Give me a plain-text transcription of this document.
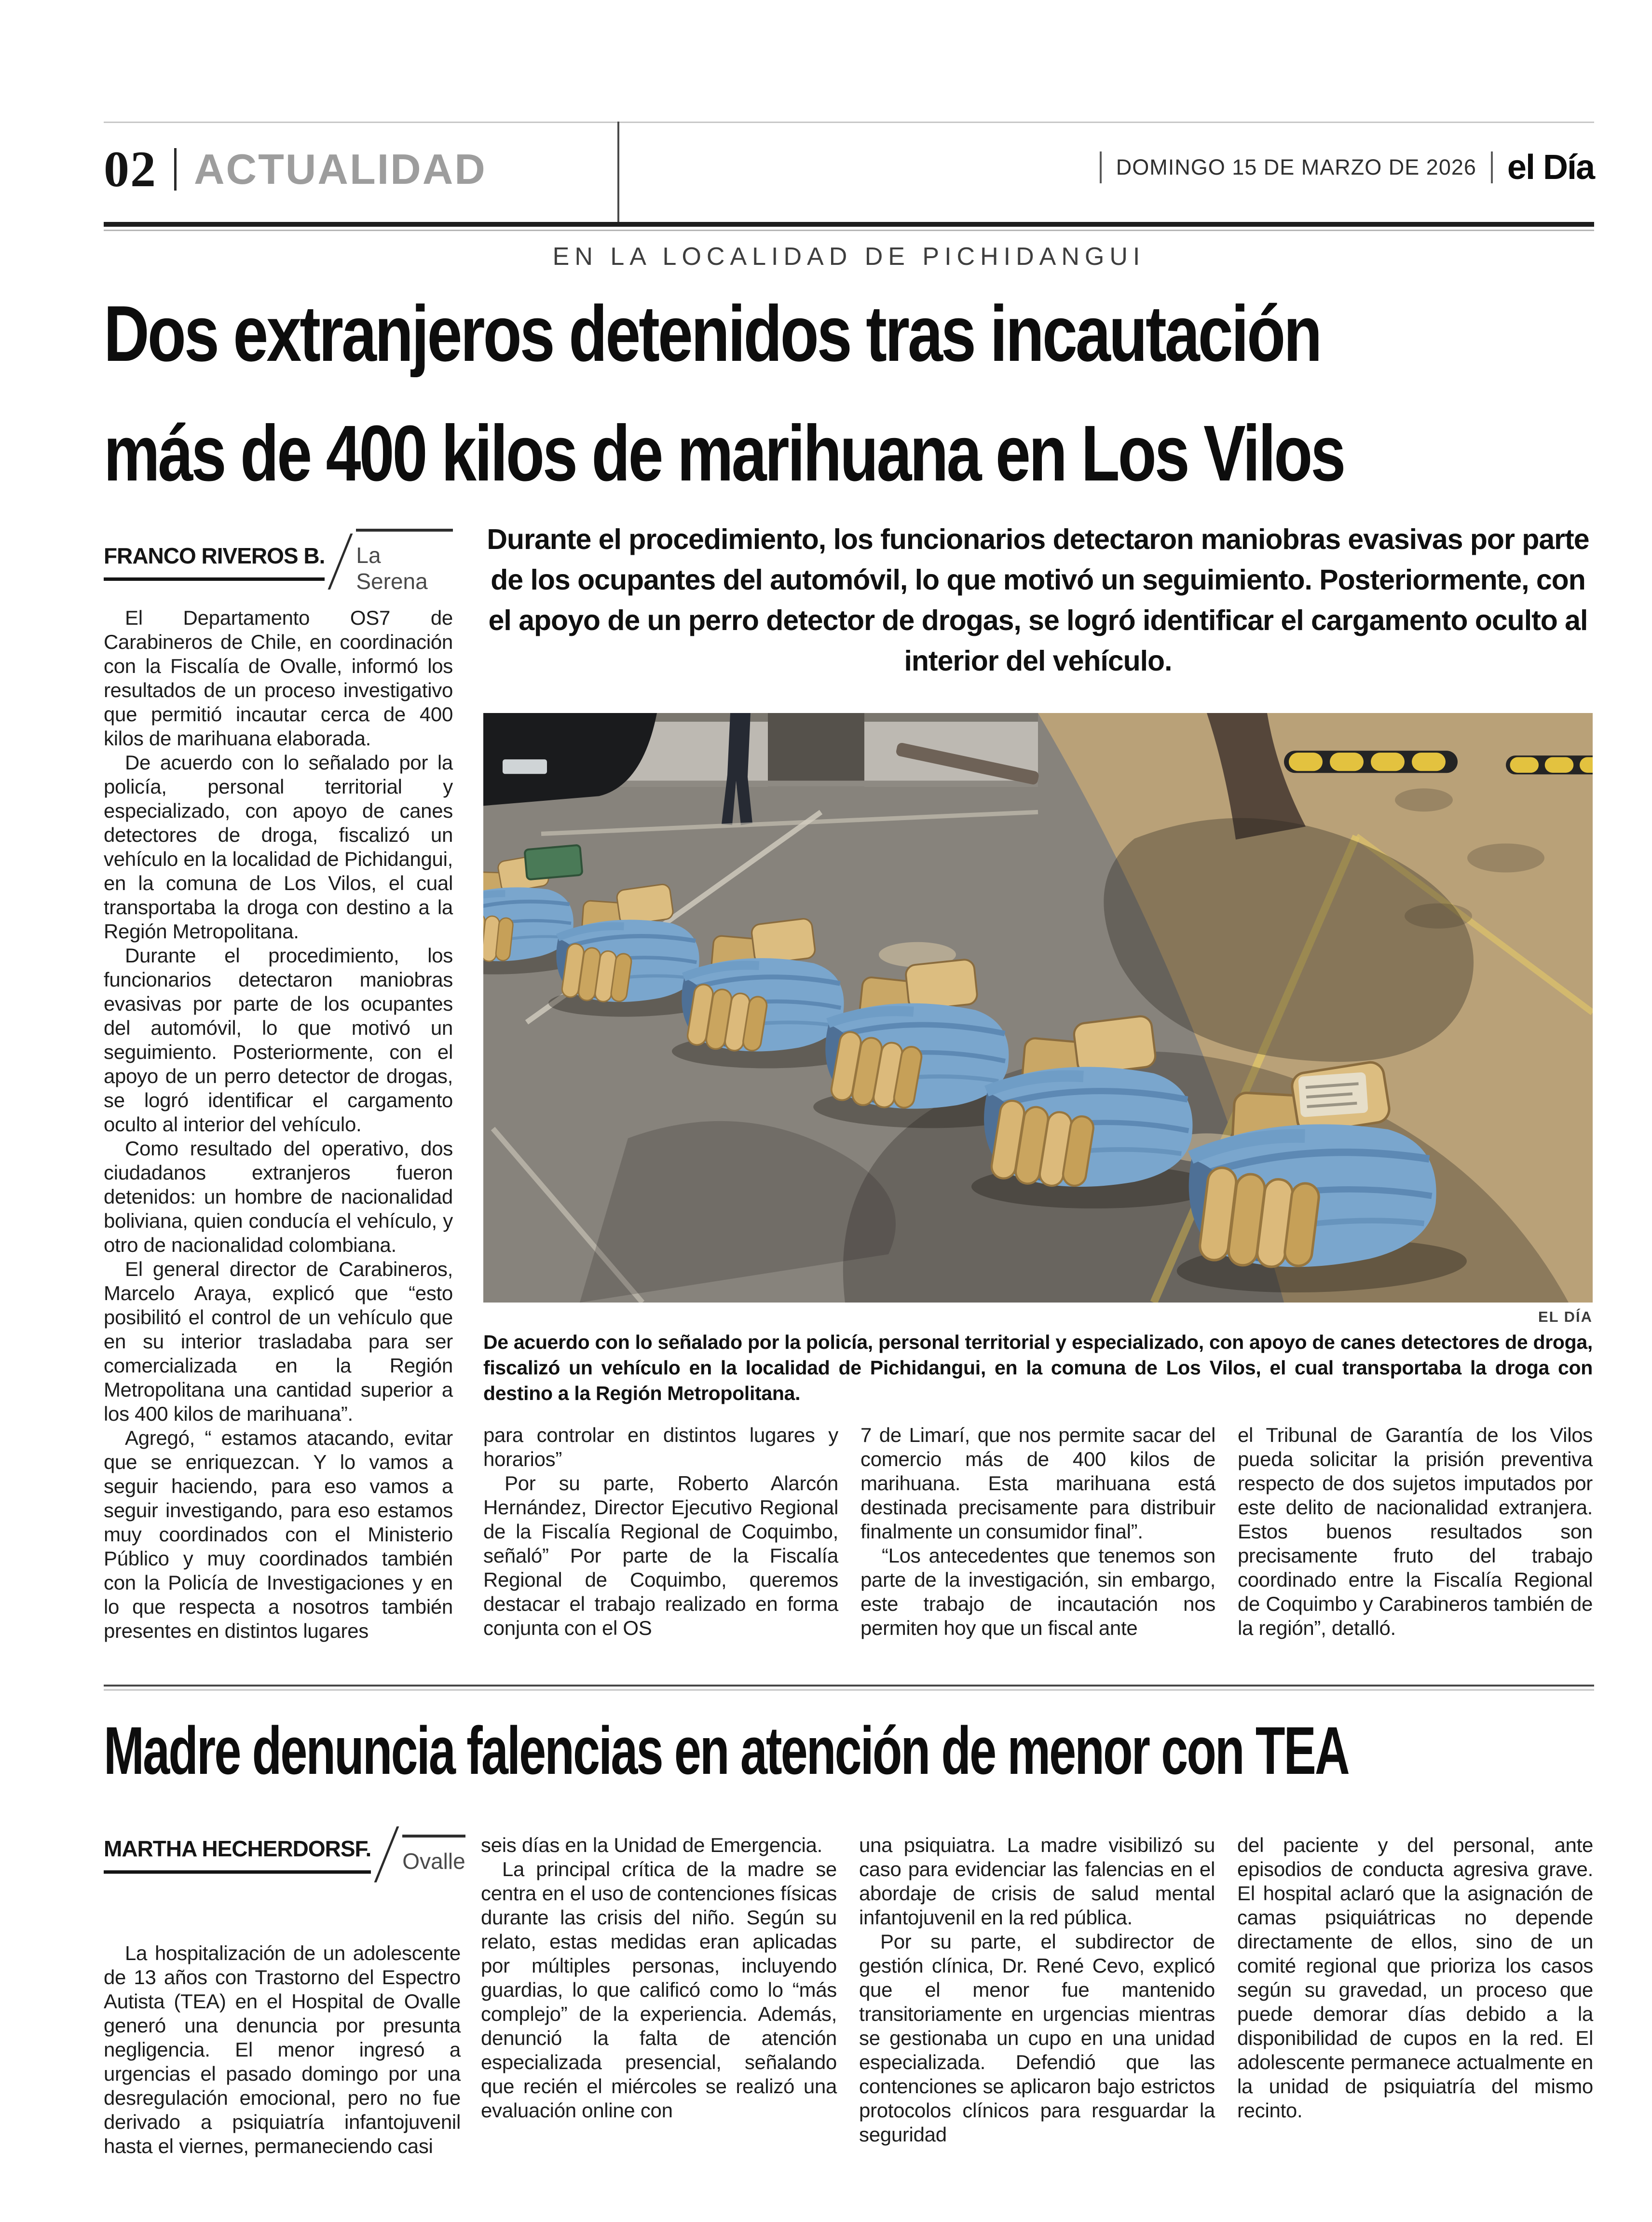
02 ACTUALIDAD	DOMINGO 15 DE MARZO DE 2026 el Día
EN LA LOCALIDAD DE PICHIDANGUI
Dos extranjeros detenidos tras incautación
más de 400 kilos de marihuana en Los Vilos
FRANCO RIVEROS B. La Serena
Durante el procedimiento, los funcionarios detectaron maniobras evasivas por parte de los ocupantes del automóvil, lo que motivó un seguimiento. Posteriormente, con el apoyo de un perro detector de drogas, se logró identificar el cargamento oculto al interior del vehículo.
EL DÍA
De acuerdo con lo señalado por la policía, personal territorial y especializado, con apoyo de canes detectores de droga, fiscalizó un vehículo en la localidad de Pichidangui, en la comuna de Los Vilos, el cual transportaba la droga con destino a la Región Metropolitana.

El Departamento OS7 de Carabineros de Chile, en coordinación con la Fiscalía de Ovalle, informó los resultados de un proceso investigativo que permitió incautar cerca de 400 kilos de marihuana elaborada.

De acuerdo con lo señalado por la policía, personal territorial y especializado, con apoyo de canes detectores de droga, fiscalizó un vehículo en la localidad de Pichidangui, en la comuna de Los Vilos, el cual transportaba la droga con destino a la Región Metropolitana.

Durante el procedimiento, los funcionarios detectaron maniobras evasivas por parte de los ocupantes del automóvil, lo que motivó un seguimiento. Posteriormente, con el apoyo de un perro detector de drogas, se logró identificar el cargamento oculto al interior del vehículo.

Como resultado del operativo, dos ciudadanos extranjeros fueron detenidos: un hombre de nacionalidad boliviana, quien conducía el vehículo, y otro de nacionalidad colombiana.

El general director de Carabineros, Marcelo Araya, explicó que “esto posibilitó el control de un vehículo que en su interior trasladaba para ser comercializada en la Región Metropolitana una cantidad superior a los 400 kilos de marihuana”.

Agregó, “ estamos atacando, evitar que se enriquezcan. Y lo vamos a seguir haciendo, para eso vamos a seguir investigando, para eso estamos muy coordinados con el Ministerio Público y muy coordinados también con la Policía de Investigaciones y en lo que respecta a nosotros también presentes en distintos lugares

para controlar en distintos lugares y horarios”

Por su parte, Roberto Alarcón Hernández, Director Ejecutivo Regional de la Fiscalía Regional de Coquimbo, señaló” Por parte de la Fiscalía Regional de Coquimbo, queremos destacar el trabajo realizado en forma conjunta con el OS

7 de Limarí, que nos permite sacar del comercio más de 400 kilos de marihuana. Esta marihuana está destinada precisamente para distribuir finalmente un consumidor final”.

“Los antecedentes que tenemos son parte de la investigación, sin embargo, este trabajo de incautación nos permiten hoy que un fiscal ante

el Tribunal de Garantía de los Vilos pueda solicitar la prisión preventiva respecto de dos sujetos imputados por este delito de nacionalidad extranjera. Estos buenos resultados son precisamente fruto del trabajo coordinado entre la Fiscalía Regional de Coquimbo y Carabineros también de la región”, detalló.

Madre denuncia falencias en atención de menor con TEA
MARTHA HECHERDORSF.
Ovalle

La hospitalización de un adolescente de 13 años con Trastorno del Espectro Autista (TEA) en el Hospital de Ovalle generó una denuncia por presunta negligencia. El menor ingresó a urgencias el pasado domingo por una desregulación emocional, pero no fue derivado a psiquiatría infantojuvenil hasta el viernes, permaneciendo casi

seis días en la Unidad de Emergencia.

La principal crítica de la madre se centra en el uso de contenciones físicas durante las crisis del niño. Según su relato, estas medidas eran aplicadas por múltiples personas, incluyendo guardias, lo que calificó como lo “más complejo” de la experiencia. Además, denunció la falta de atención especializada presencial, señalando que recién el miércoles se realizó una evaluación online con

una psiquiatra. La madre visibilizó su caso para evidenciar las falencias en el abordaje de crisis de salud mental infantojuvenil en la red pública.

Por su parte, el subdirector de gestión clínica, Dr. René Cevo, explicó que el menor fue mantenido transitoriamente en urgencias mientras se gestionaba un cupo en una unidad especializada. Defendió que las contenciones se aplicaron bajo estrictos protocolos clínicos para resguardar la seguridad

del paciente y del personal, ante episodios de conducta agresiva grave. El hospital aclaró que la asignación de camas psiquiátricas no depende directamente de ellos, sino de un comité regional que prioriza los casos según su gravedad, un proceso que puede demorar días debido a la disponibilidad de cupos en la red. El adolescente permanece actualmente en la unidad de psiquiatría del mismo recinto.
